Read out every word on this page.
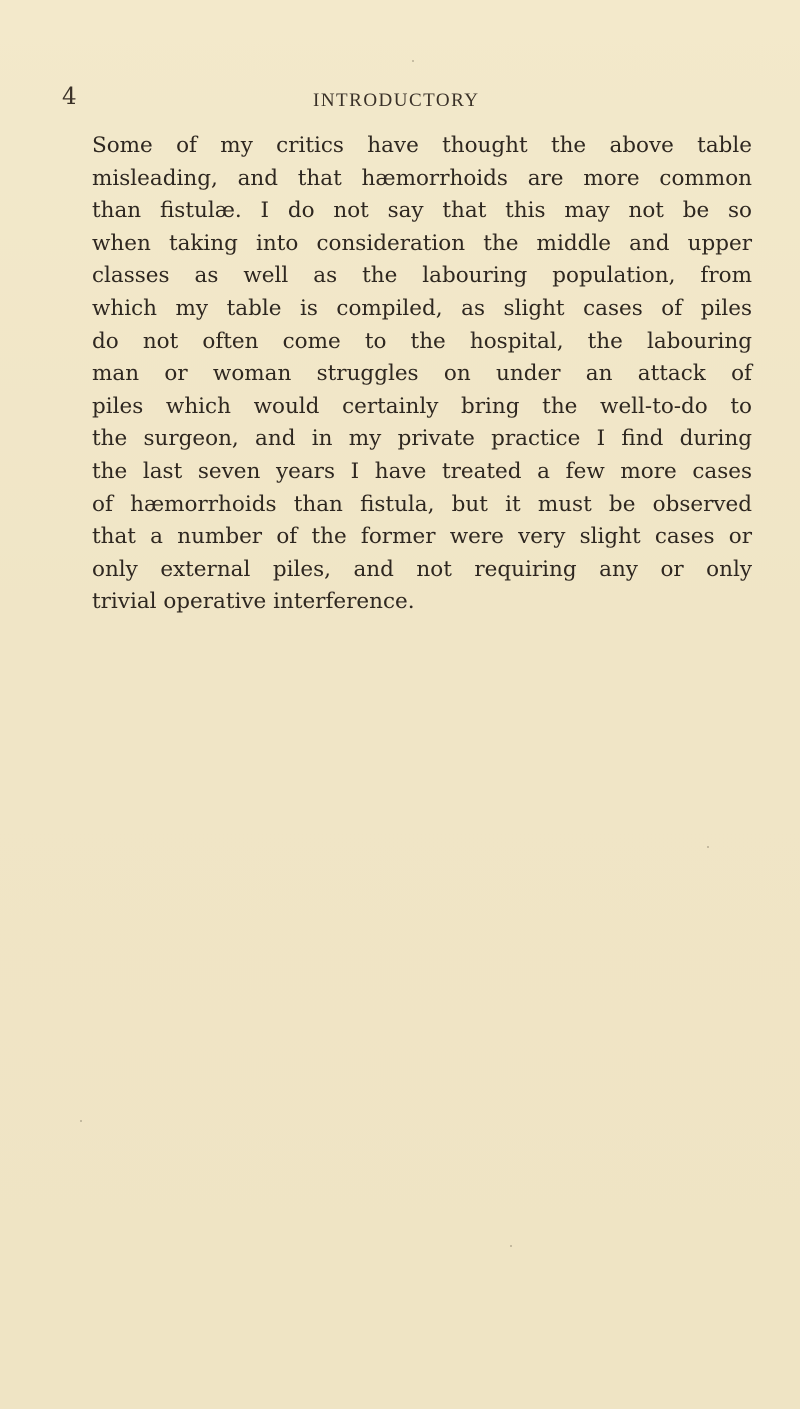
4	INTRODUCTORY
Some of my critics have thought the above table
misleading, and that hæmorrhoids are more common
than fistulæ. I do not say that this may not be so
when taking into consideration the middle and upper
classes as well as the labouring population, from
which my table is compiled, as slight cases of piles
do not often come to the hospital, the labouring
man or woman struggles on under an attack of
piles which would certainly bring the well-to-do to
the surgeon, and in my private practice I find during
the last seven years I have treated a few more cases
of hæmorrhoids than fistula, but it must be observed
that a number of the former were very slight cases or
only external piles, and not requiring any or only
trivial operative interference.
